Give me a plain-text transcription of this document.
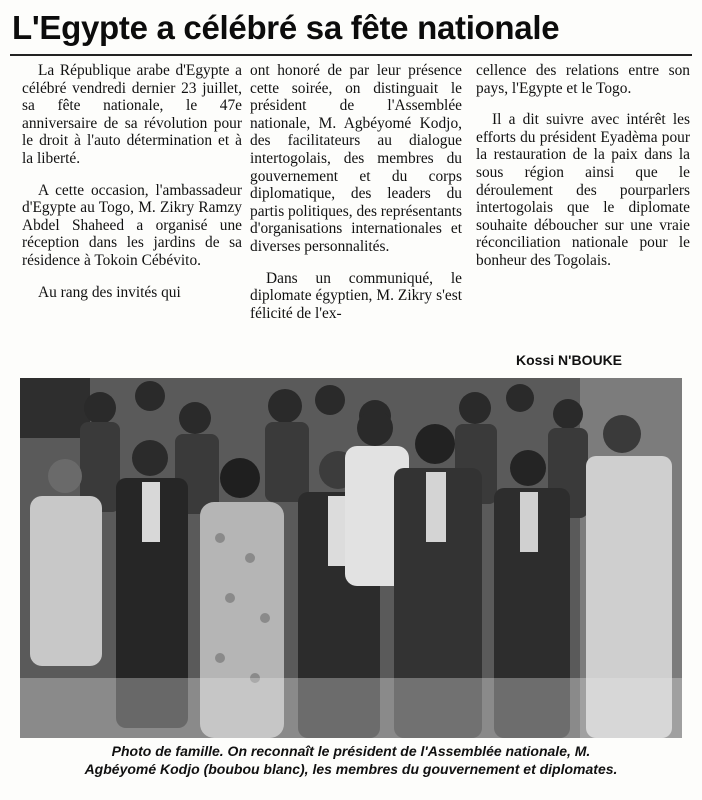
L'Egypte a célébré sa fête nationale

La République arabe d'Egypte a célébré vendredi dernier 23 juillet, sa fête nationale, le 47e anniversaire de sa révolution pour le droit à l'auto détermination et à la liberté.

A cette occasion, l'ambassadeur d'Egypte au Togo, M. Zikry Ramzy Abdel Shaheed a organisé une réception dans les jardins de sa résidence à Tokoin Cébévito.

Au rang des invités qui

ont honoré de par leur présence cette soirée, on distinguait le président de l'Assemblée nationale, M. Agbéyomé Kodjo, des facilitateurs au dialogue intertogolais, des membres du gouvernement et du corps diplomatique, des leaders du partis politiques, des représentants d'organisations internationales et diverses personnalités.

Dans un communiqué, le diplomate égyptien, M. Zikry s'est félicité de l'ex-

cellence des relations entre son pays, l'Egypte et le Togo.

Il a dit suivre avec intérêt les efforts du président Eyadèma pour la restauration de la paix dans la sous région ainsi que le déroulement des pourparlers intertogolais que le diplomate souhaite déboucher sur une vraie réconciliation nationale pour le bonheur des Togolais.

Kossi N'BOUKE
Photo de famille. On reconnaît le président de l'Assemblée nationale, M.
Agbéyomé Kodjo (boubou blanc), les membres du gouvernement et diplomates.
